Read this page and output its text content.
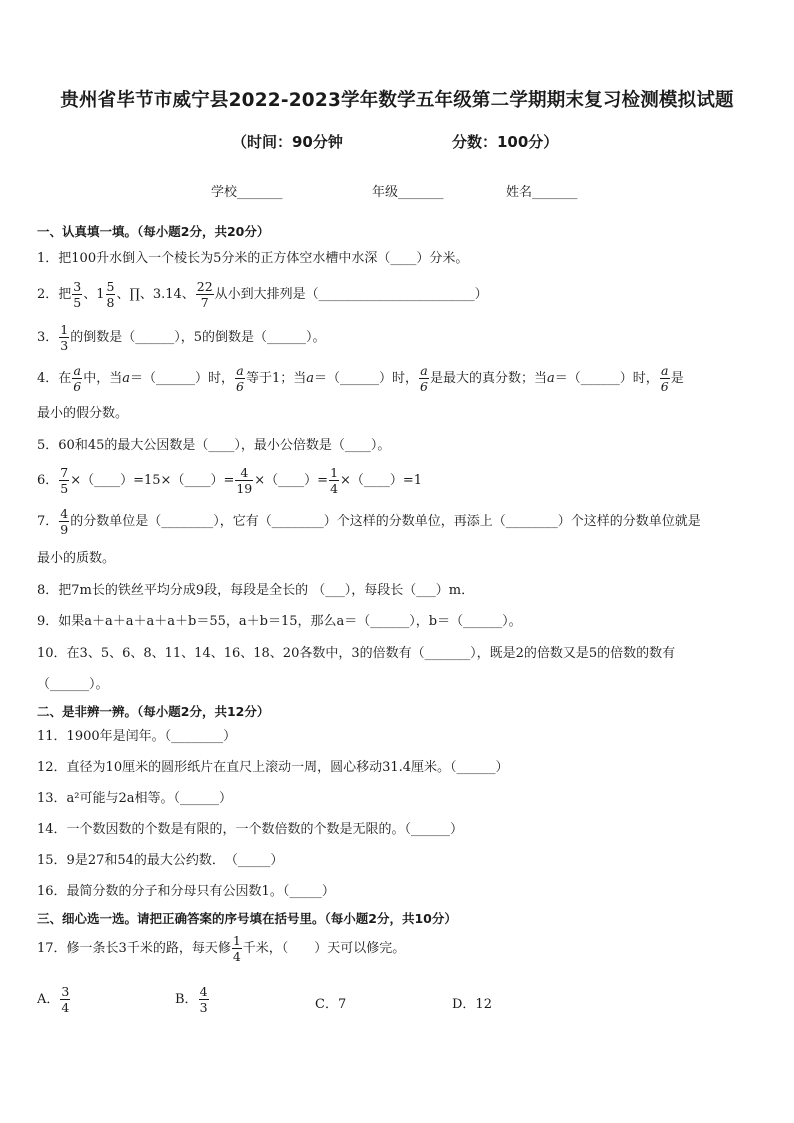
贵州省毕节市威宁县2022-2023学年数学五年级第二学期期末复习检测模拟试题
（时间：90分钟	分数：100分）
学校_______	年级_______	姓名_______
一、认真填一填。（每小题2分，共20分）
1．把100升水倒入一个棱长为5分米的正方体空水槽中水深（____）分米。
2．把 $\frac{3}{5}$ 、$1 \frac{5}{8}$ 、∏、3.14、 $\frac{22}{7}$ 从小到大排列是（________________________）
3． $\frac{1}{3}$ 的倒数是（______），5的倒数是（______）。
4．在 $\frac{a}{6}$ 中，当a＝（______）时， $\frac{a}{6}$ 等于1；当a＝（______）时， $\frac{a}{6}$ 是最大的真分数；当a＝（______）时， $\frac{a}{6}$ 是
最小的假分数。
5．60和45的最大公因数是（____），最小公倍数是（____）。
6． $\frac{7}{5}$ ×（____）=15×（____）= $\frac{4}{19}$ ×（____）= $\frac{1}{4}$ ×（____）=1
7． $\frac{4}{9}$ 的分数单位是（________），它有（________）个这样的分数单位，再添上（________）个这样的分数单位就是
最小的质数。
8．把7m长的铁丝平均分成9段，每段是全长的 （___），每段长（___）m．
9．如果a＋a＋a＋a＋a＋b＝55，a＋b＝15，那么a＝（______），b＝（______）。
10．在3、5、6、8、11、14、16、18、20各数中，3的倍数有（_______），既是2的倍数又是5的倍数的数有
（______）。
二、是非辨一辨。（每小题2分，共12分）
11．1900年是闰年。（________）
12．直径为10厘米的圆形纸片在直尺上滚动一周，圆心移动31.4厘米。（______）
13．a²可能与2a相等。（______）
14．一个数因数的个数是有限的，一个数倍数的个数是无限的。（______）
15．9是27和54的最大公约数．　（_____）
16．最简分数的分子和分母只有公因数1。（_____）
三、细心选一选。请把正确答案的序号填在括号里。（每小题2分，共10分）
17．修一条长3千米的路，每天修 $\frac{1}{4}$ 千米，（　　）天可以修完。
A． $\frac{3}{4}$	B． $\frac{4}{3}$	C．7	D．12
